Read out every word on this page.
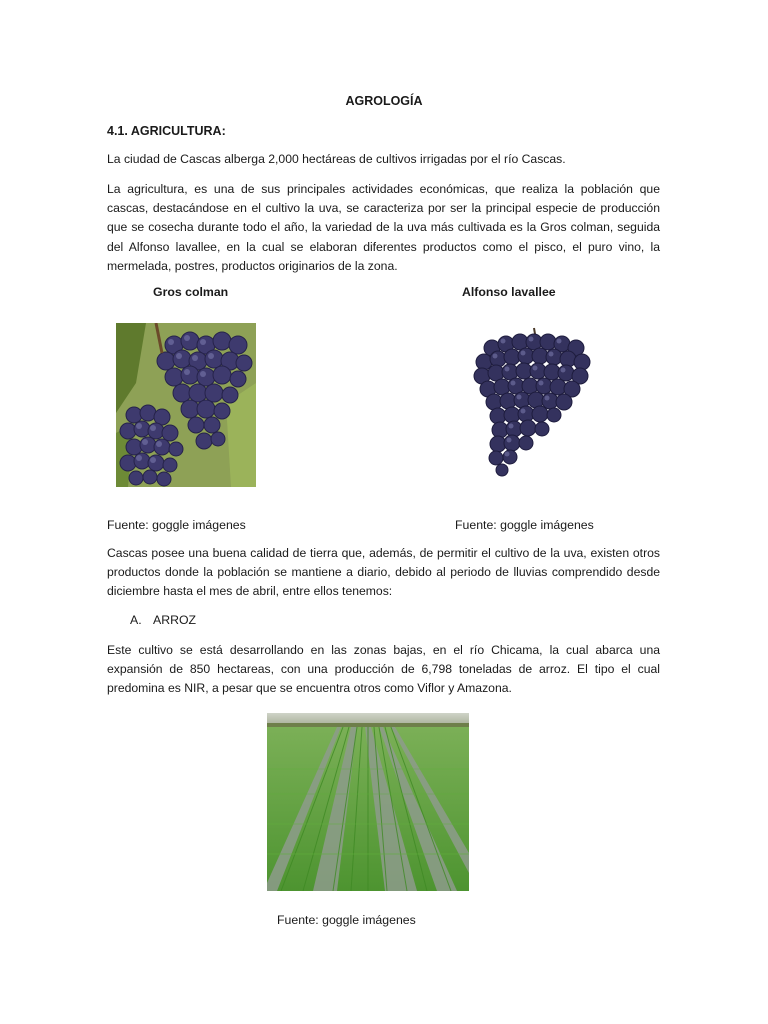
AGROLOGÍA
4.1. AGRICULTURA:
La ciudad de Cascas alberga 2,000 hectáreas de cultivos irrigadas por el río Cascas.
La agricultura, es una de sus principales actividades económicas, que realiza la población que cascas, destacándose en el cultivo la uva, se caracteriza por ser la principal especie de producción que se cosecha durante todo el año, la variedad de la uva más cultivada es la Gros colman, seguida del Alfonso lavallee, en la cual se elaboran diferentes productos como el pisco, el puro vino, la mermelada, postres, productos originarios de la zona.
Gros colman	Alfonso lavallee
Fuente: goggle imágenes	Fuente: goggle imágenes
Cascas posee una buena calidad de tierra que, además, de permitir el cultivo de la uva, existen otros productos donde la población se mantiene a diario, debido al periodo de lluvias comprendido desde diciembre hasta el mes de abril, entre ellos tenemos:
A. ARROZ
Este cultivo se está desarrollando en las zonas bajas, en el río Chicama, la cual abarca una expansión de 850 hectareas, con una producción de 6,798 toneladas de arroz. El tipo el cual predomina es NIR, a pesar que se encuentra otros como Viflor y Amazona.
Fuente: goggle imágenes
